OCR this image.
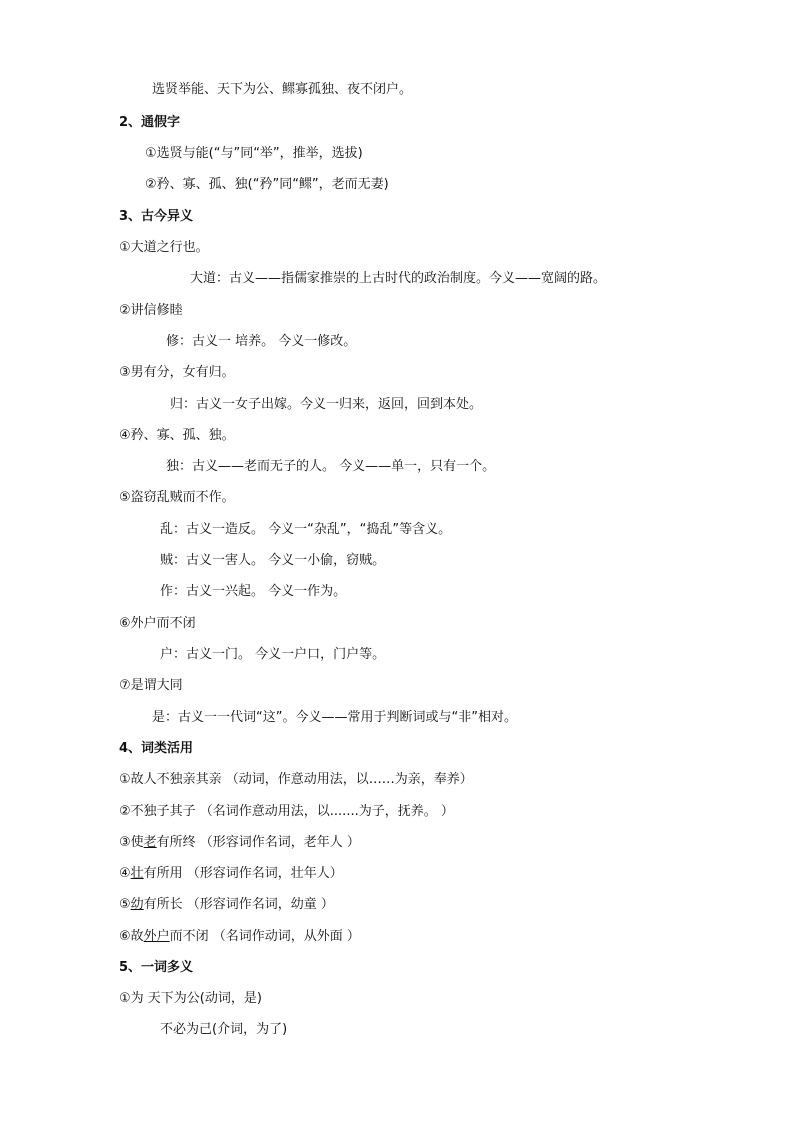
选贤举能、天下为公、鳏寡孤独、夜不闭户。
2、通假字
①选贤与能(“与”同“举”，推举，选拔)
②矜、寡、孤、独(“矜”同“鳏”，老而无妻)
3、古今异义
①大道之行也。
大道：古义——指儒家推崇的上古时代的政治制度。今义——宽阔的路。
②讲信修睦
修：古义一 培养。 今义一修改。
③男有分，女有归。
归：古义一女子出嫁。今义一归来，返回，回到本处。
④矜、寡、孤、独。
独：古义——老而无子的人。 今义——单一，只有一个。
⑤盗窃乱贼而不作。
乱：古义一造反。 今义一“杂乱”，“捣乱”等含义。
贼：古义一害人。 今义一小偷，窃贼。
作：古义一兴起。 今义一作为。
⑥外户而不闭
户：古义一门。 今义一户口，门户等。
⑦是谓大同
是：古义一一代词“这”。今义——常用于判断词或与“非”相对。
4、词类活用
①故人不独亲其亲 （动词，作意动用法，以……为亲，奉养）
②不独子其子 （名词作意动用法，以.......为子，抚养。 ）
③使老有所终 （形容词作名词，老年人 ）
④壮有所用 （形容词作名词，壮年人）
⑤幼有所长 （形容词作名词，幼童 ）
⑥故外户而不闭 （名词作动词，从外面 ）
5、一词多义
①为 天下为公(动词，是)
不必为己(介词，为了)
